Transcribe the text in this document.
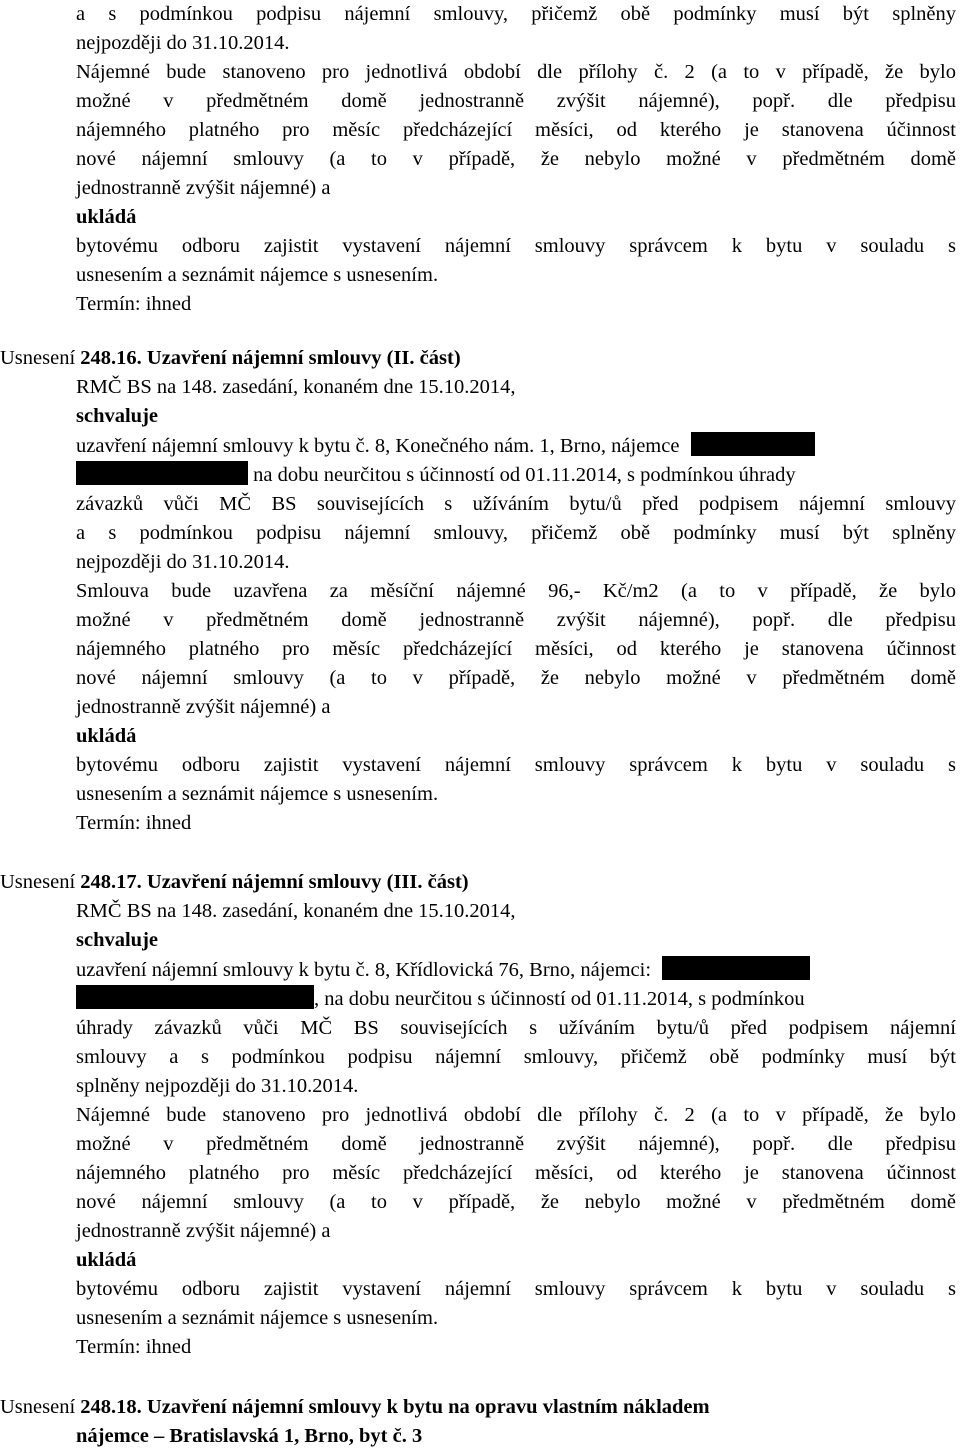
a s podmínkou podpisu nájemní smlouvy, přičemž obě podmínky musí být splněny
nejpozději do 31.10.2014.
Nájemné bude stanoveno pro jednotlivá období dle přílohy č. 2 (a to v případě, že bylo
možné v předmětném domě jednostranně zvýšit nájemné), popř. dle předpisu
nájemného platného pro měsíc předcházející měsíci, od kterého je stanovena účinnost
nové nájemní smlouvy (a to v případě, že nebylo možné v předmětném domě
jednostranně zvýšit nájemné) a
ukládá
bytovému odboru zajistit vystavení nájemní smlouvy správcem k bytu v souladu s
usnesením a seznámit nájemce s usnesením.
Termín: ihned
Usnesení 248.16. Uzavření nájemní smlouvy (II. část)
RMČ BS na 148. zasedání, konaném dne 15.10.2014,
schvaluje
uzavření nájemní smlouvy k bytu č. 8, Konečného nám. 1, Brno, nájemce
na dobu neurčitou s účinností od 01.11.2014, s podmínkou úhrady
závazků vůči MČ BS souvisejících s užíváním bytu/ů před podpisem nájemní smlouvy
a s podmínkou podpisu nájemní smlouvy, přičemž obě podmínky musí být splněny
nejpozději do 31.10.2014.
Smlouva bude uzavřena za měsíční nájemné 96,- Kč/m2 (a to v případě, že bylo
možné v předmětném domě jednostranně zvýšit nájemné), popř. dle předpisu
nájemného platného pro měsíc předcházející měsíci, od kterého je stanovena účinnost
nové nájemní smlouvy (a to v případě, že nebylo možné v předmětném domě
jednostranně zvýšit nájemné) a
ukládá
bytovému odboru zajistit vystavení nájemní smlouvy správcem k bytu v souladu s
usnesením a seznámit nájemce s usnesením.
Termín: ihned
Usnesení 248.17. Uzavření nájemní smlouvy (III. část)
RMČ BS na 148. zasedání, konaném dne 15.10.2014,
schvaluje
uzavření nájemní smlouvy k bytu č. 8, Křídlovická 76, Brno, nájemci:
, na dobu neurčitou s účinností od 01.11.2014, s podmínkou
úhrady závazků vůči MČ BS souvisejících s užíváním bytu/ů před podpisem nájemní
smlouvy a s podmínkou podpisu nájemní smlouvy, přičemž obě podmínky musí být
splněny nejpozději do 31.10.2014.
Nájemné bude stanoveno pro jednotlivá období dle přílohy č. 2 (a to v případě, že bylo
možné v předmětném domě jednostranně zvýšit nájemné), popř. dle předpisu
nájemného platného pro měsíc předcházející měsíci, od kterého je stanovena účinnost
nové nájemní smlouvy (a to v případě, že nebylo možné v předmětném domě
jednostranně zvýšit nájemné) a
ukládá
bytovému odboru zajistit vystavení nájemní smlouvy správcem k bytu v souladu s
usnesením a seznámit nájemce s usnesením.
Termín: ihned
Usnesení 248.18. Uzavření nájemní smlouvy k bytu na opravu vlastním nákladem
nájemce – Bratislavská 1, Brno, byt č. 3
